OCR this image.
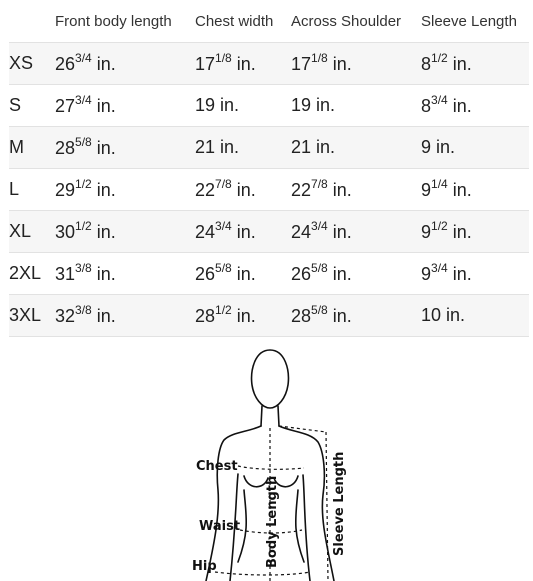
	Front body length	Chest width	Across Shoulder	Sleeve Length
XS	$26^{3/4}$ in.	$17^{1/8}$ in.	$17^{1/8}$ in.	$8^{1/2}$ in.
S	$27^{3/4}$ in.	19 in.	19 in.	$8^{3/4}$ in.
M	$28^{5/8}$ in.	21 in.	21 in.	9 in.
L	$29^{1/2}$ in.	$22^{7/8}$ in.	$22^{7/8}$ in.	$9^{1/4}$ in.
XL	$30^{1/2}$ in.	$24^{3/4}$ in.	$24^{3/4}$ in.	$9^{1/2}$ in.
2XL	$31^{3/8}$ in.	$26^{5/8}$ in.	$26^{5/8}$ in.	$9^{3/4}$ in.
3XL	$32^{3/8}$ in.	$28^{1/2}$ in.	$28^{5/8}$ in.	10 in.
Chest
Waist
Hip	Body Length	Sleeve Length
